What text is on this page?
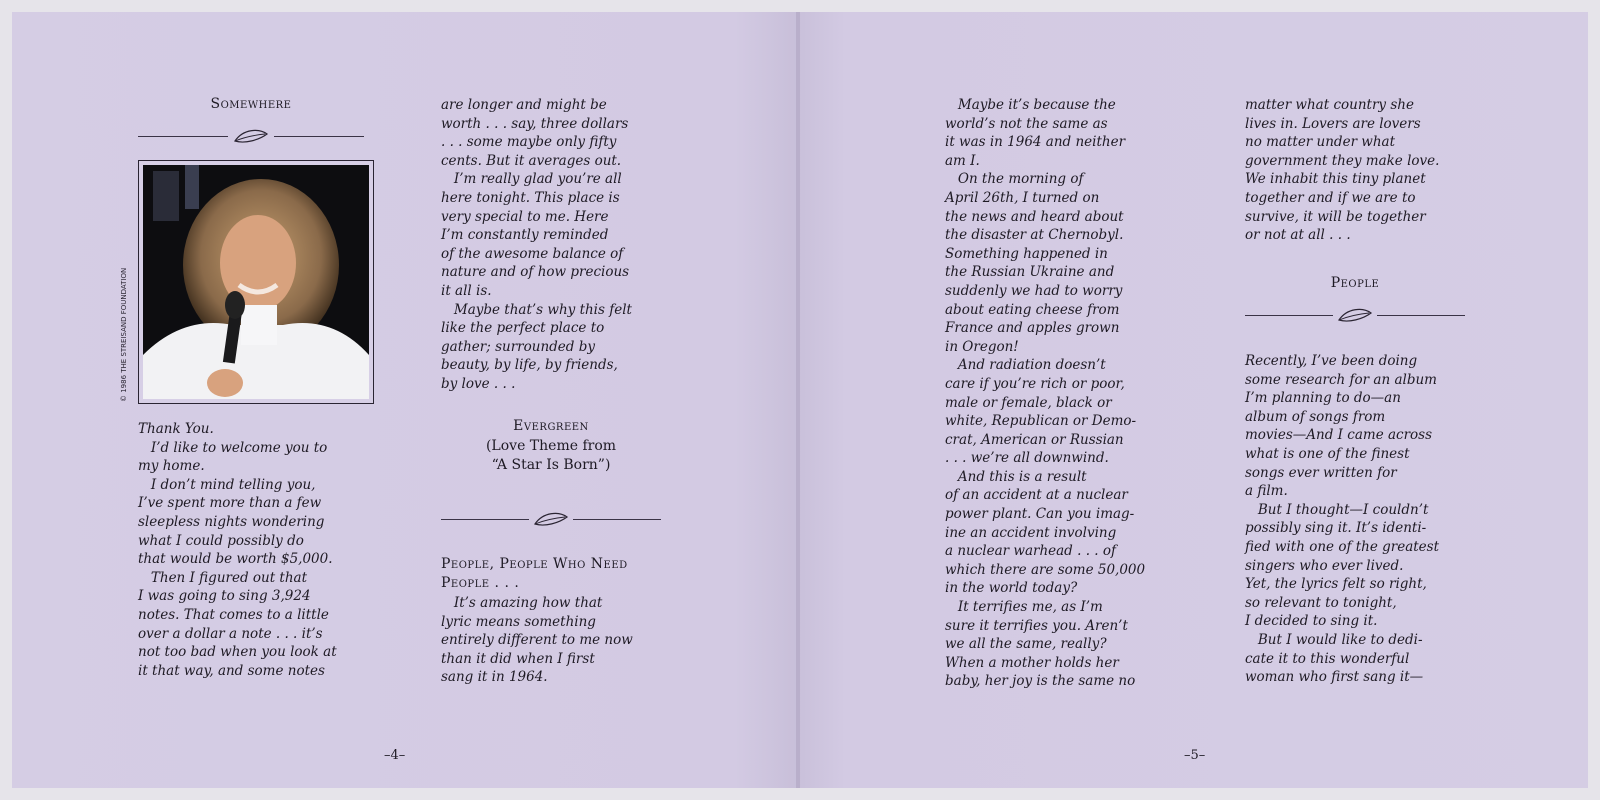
Somewhere
© 1986 THE STREISAND FOUNDATION
Thank You.
I’d like to welcome you to
my home.
I don’t mind telling you,
I’ve spent more than a few
sleepless nights wondering
what I could possibly do
that would be worth $5,000.
Then I figured out that
I was going to sing 3,924
notes. That comes to a little
over a dollar a note . . . it’s
not too bad when you look at
it that way, and some notes
are longer and might be
worth . . . say, three dollars
. . . some maybe only fifty
cents. But it averages out.
I’m really glad you’re all
here tonight. This place is
very special to me. Here
I’m constantly reminded
of the awesome balance of
nature and of how precious
it all is.
Maybe that’s why this felt
like the perfect place to
gather; surrounded by
beauty, by life, by friends,
by love . . .
Evergreen
(Love Theme from
“A Star Is Born”)
People, People Who Need
People . . .
It’s amazing how that
lyric means something
entirely different to me now
than it did when I first
sang it in 1964.
–4–
Maybe it’s because the
world’s not the same as
it was in 1964 and neither
am I.
On the morning of
April 26th, I turned on
the news and heard about
the disaster at Chernobyl.
Something happened in
the Russian Ukraine and
suddenly we had to worry
about eating cheese from
France and apples grown
in Oregon!
And radiation doesn’t
care if you’re rich or poor,
male or female, black or
white, Republican or Demo-
crat, American or Russian
. . . we’re all downwind.
And this is a result
of an accident at a nuclear
power plant. Can you imag-
ine an accident involving
a nuclear warhead . . . of
which there are some 50,000
in the world today?
It terrifies me, as I’m
sure it terrifies you. Aren’t
we all the same, really?
When a mother holds her
baby, her joy is the same no
matter what country she
lives in. Lovers are lovers
no matter under what
government they make love.
We inhabit this tiny planet
together and if we are to
survive, it will be together
or not at all . . .
People
Recently, I’ve been doing
some research for an album
I’m planning to do—an
album of songs from
movies—And I came across
what is one of the finest
songs ever written for
a film.
But I thought—I couldn’t
possibly sing it. It’s identi-
fied with one of the greatest
singers who ever lived.
Yet, the lyrics felt so right,
so relevant to tonight,
I decided to sing it.
But I would like to dedi-
cate it to this wonderful
woman who first sang it—
–5–
